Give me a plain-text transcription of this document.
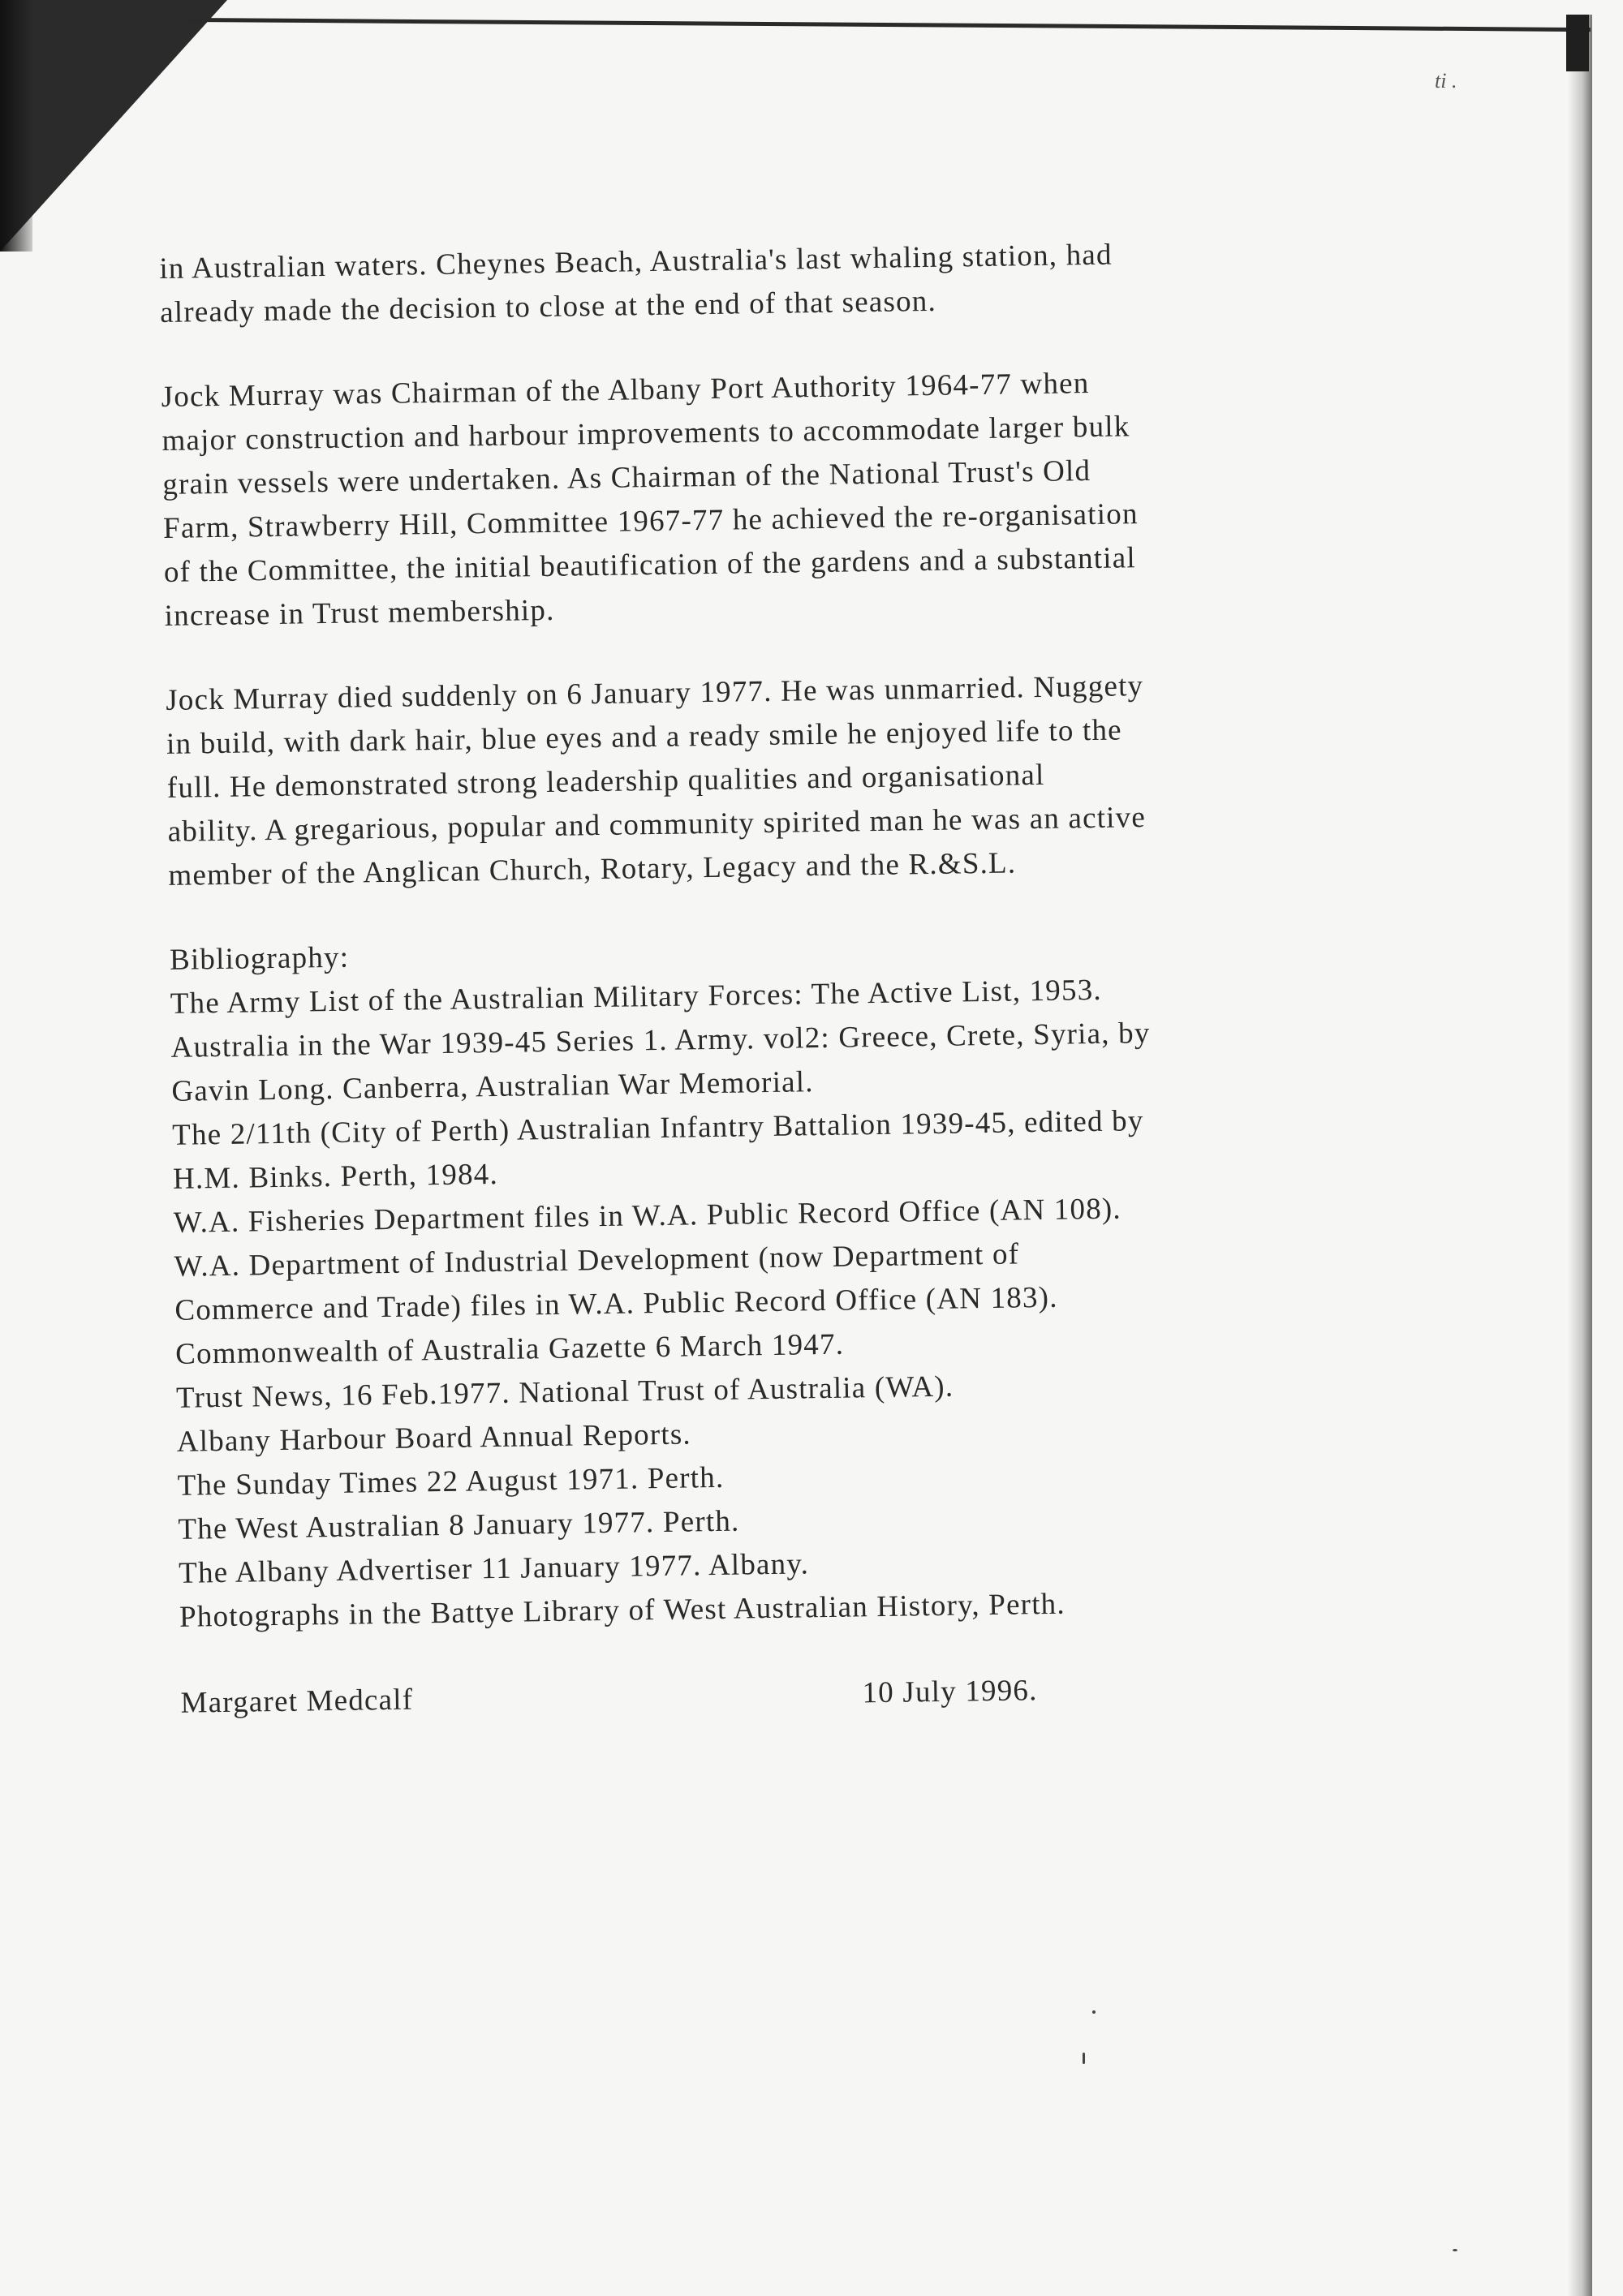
ti .
in Australian waters. Cheynes Beach, Australia's last whaling station, had
already made the decision to close at the end of that season.
Jock Murray was Chairman of the Albany Port Authority 1964-77 when
major construction and harbour improvements to accommodate larger bulk
grain vessels were undertaken. As Chairman of the National Trust's Old
Farm, Strawberry Hill, Committee 1967-77 he achieved the re-organisation
of the Committee, the initial beautification of the gardens and a substantial
increase in Trust membership.
Jock Murray died suddenly on 6 January 1977. He was unmarried. Nuggety
in build, with dark hair, blue eyes and a ready smile he enjoyed life to the
full. He demonstrated strong leadership qualities and organisational
ability. A gregarious, popular and community spirited man he was an active
member of the Anglican Church, Rotary, Legacy and the R.&S.L.
Bibliography:
The Army List of the Australian Military Forces: The Active List, 1953.
Australia in the War 1939-45 Series 1. Army. vol2: Greece, Crete, Syria, by
Gavin Long. Canberra, Australian War Memorial.
The 2/11th (City of Perth) Australian Infantry Battalion 1939-45, edited by
H.M. Binks. Perth, 1984.
W.A. Fisheries Department files in W.A. Public Record Office (AN 108).
W.A. Department of Industrial Development (now Department of
Commerce and Trade) files in W.A. Public Record Office (AN 183).
Commonwealth of Australia Gazette 6 March 1947.
Trust News, 16 Feb.1977. National Trust of Australia (WA).
Albany Harbour Board Annual Reports.
The Sunday Times 22 August 1971. Perth.
The West Australian 8 January 1977. Perth.
The Albany Advertiser 11 January 1977. Albany.
Photographs in the Battye Library of West Australian History, Perth.
Margaret Medcalf	10 July 1996.
